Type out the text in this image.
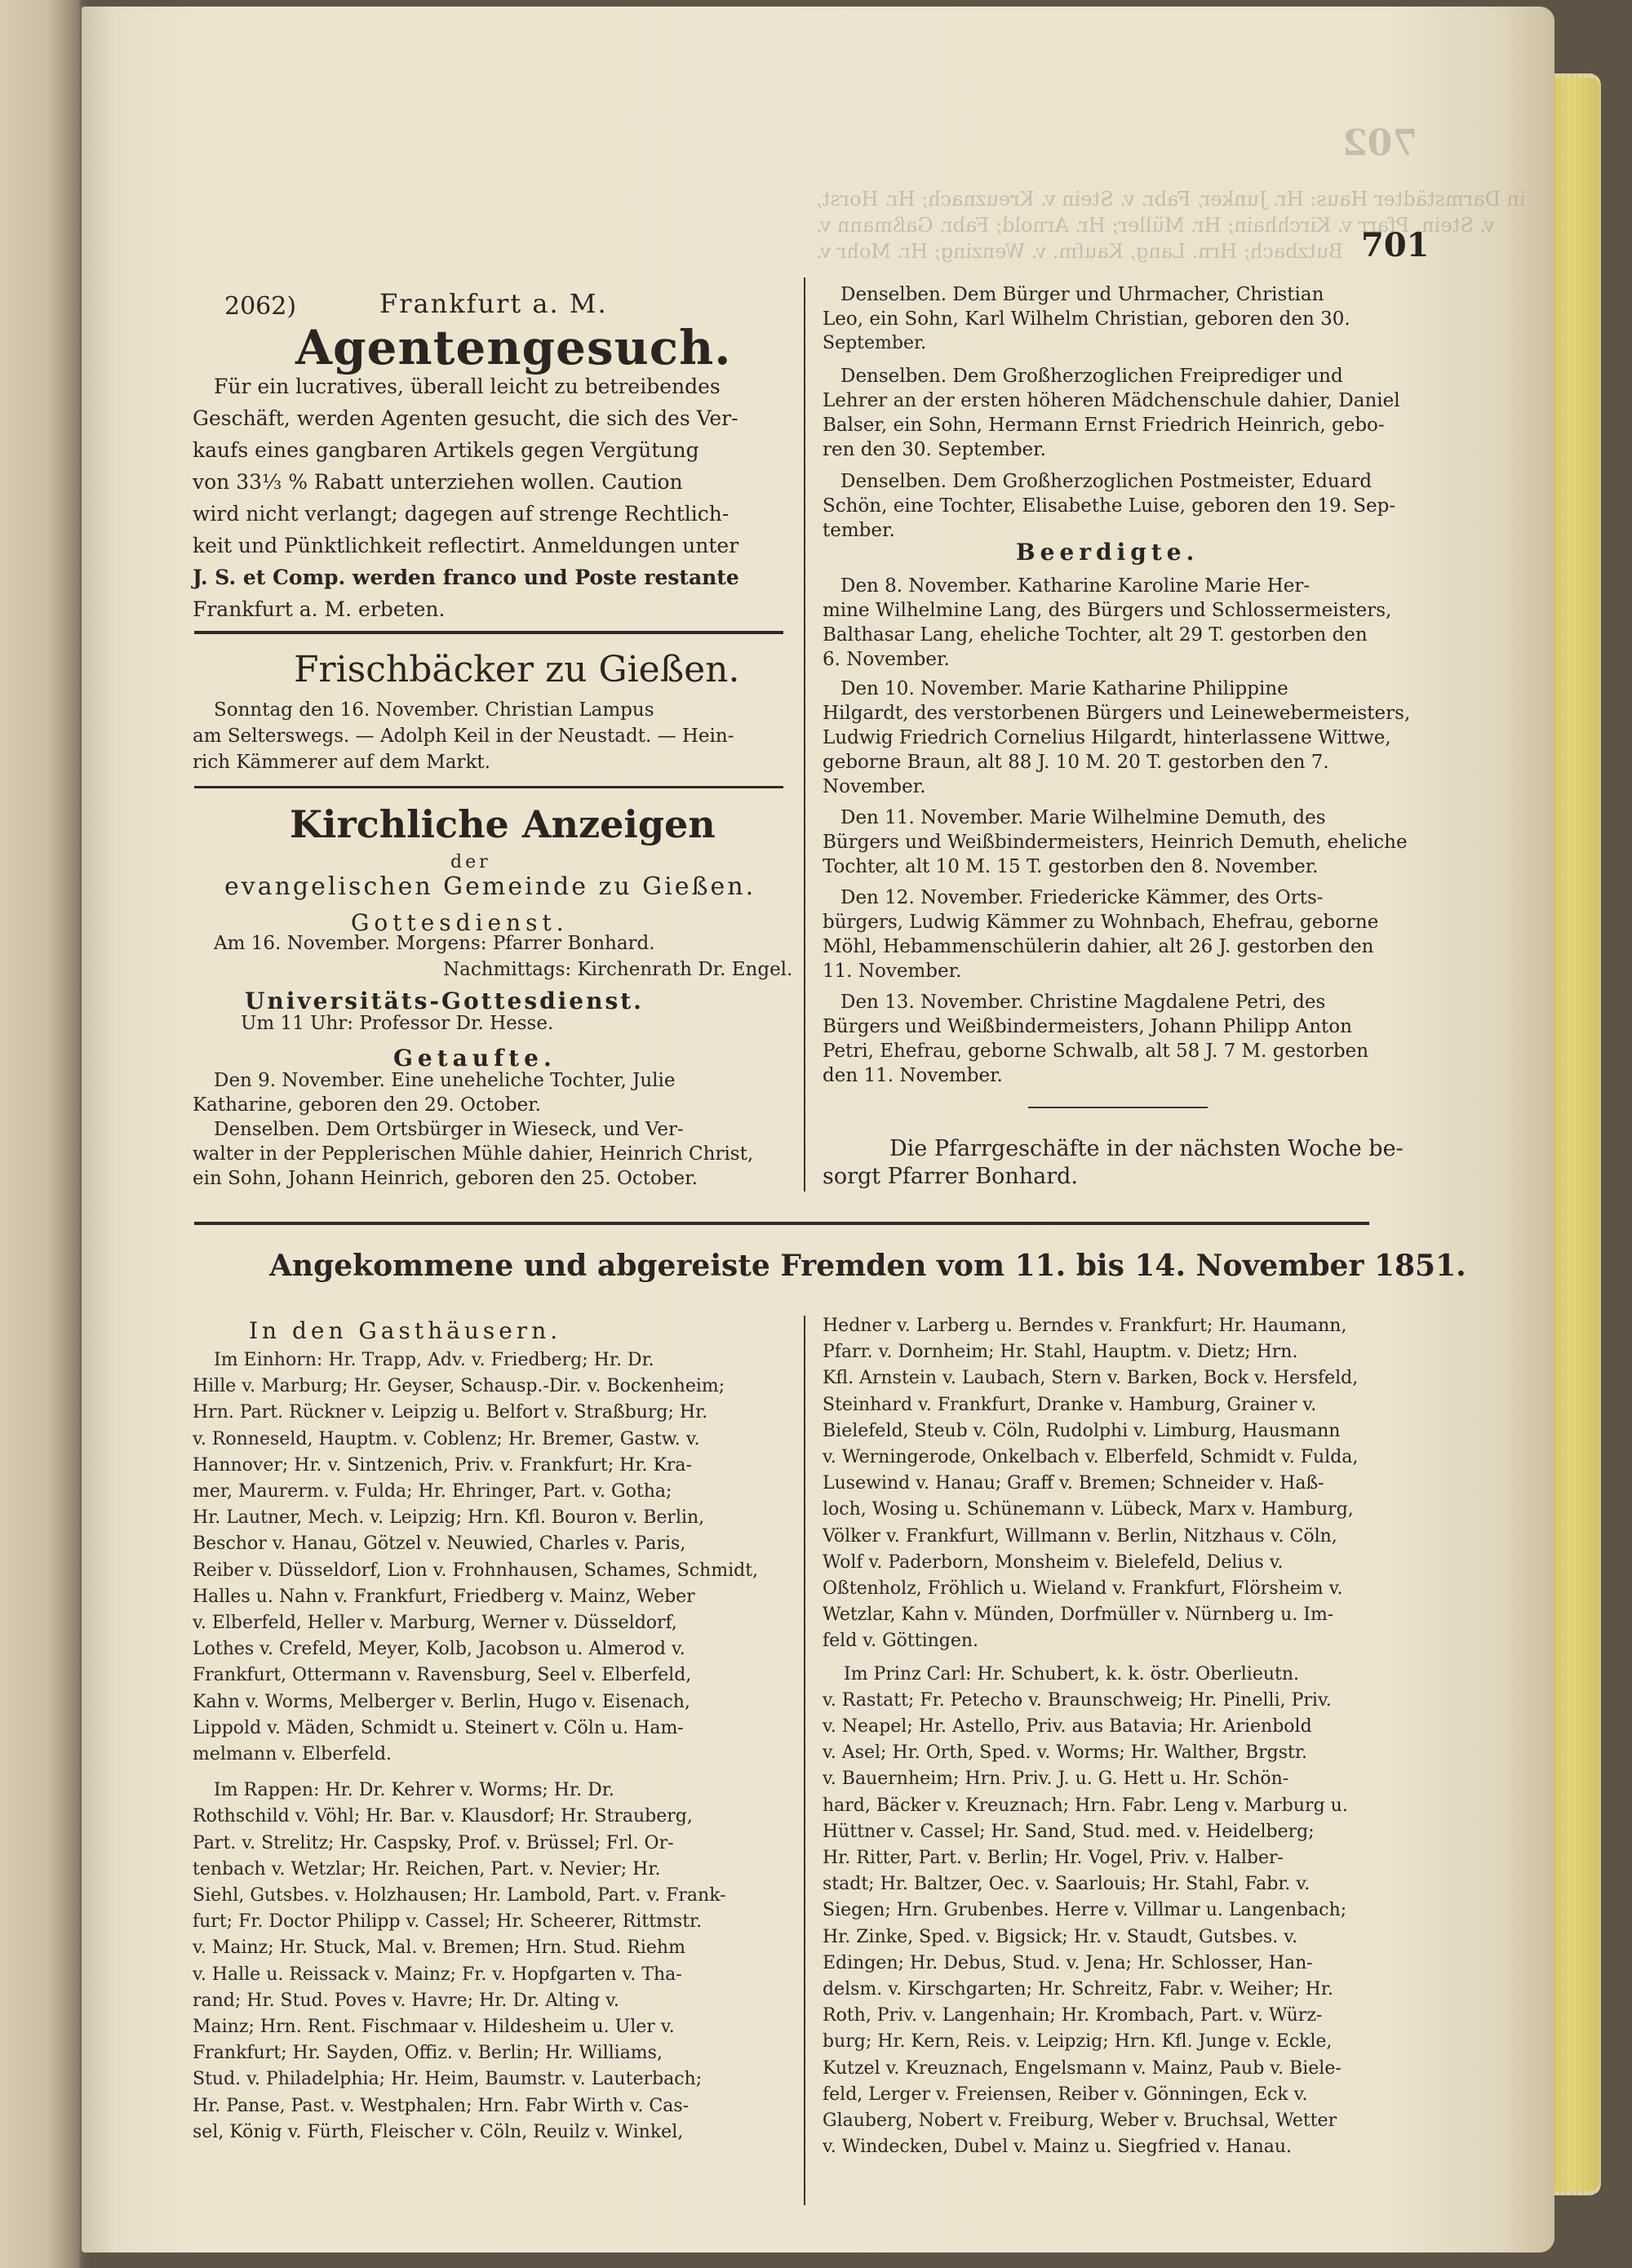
702
in Darmstädter Haus: Hr. Junker, Fabr. v. Stein v. Kreuznach; Hr. Horst,
v. Stein, Pfarr v. Kirchhain; Hr. Müller; Hr. Arnold; Fabr. Gaßmann v.
Butzbach; Hrn. Lang, Kaufm. v. Wenzing; Hr. Mohr v. 701
2062)	Frankfurt a. M.
Agentengesuch.
Für ein lucratives, überall leicht zu betreibendes
Geschäft, werden Agenten gesucht, die sich des Ver-
kaufs eines gangbaren Artikels gegen Vergütung
von 33⅓ % Rabatt unterziehen wollen. Caution
wird nicht verlangt; dagegen auf strenge Rechtlich-
keit und Pünktlichkeit reflectirt. Anmeldungen unter
J. S. et Comp. werden franco und Poste restante
Frankfurt a. M. erbeten.
Frischbäcker zu Gießen.
Sonntag den 16. November. Christian Lampus
am Selterswegs. — Adolph Keil in der Neustadt. — Hein-
rich Kämmerer auf dem Markt.
Kirchliche Anzeigen
der
evangelischen Gemeinde zu Gießen.
Gottesdienst.
Am 16. November. Morgens: Pfarrer Bonhard.
Nachmittags: Kirchenrath Dr. Engel.
Universitäts-Gottesdienst.
Um 11 Uhr: Professor Dr. Hesse.
Getaufte.
Den 9. November. Eine uneheliche Tochter, Julie
Katharine, geboren den 29. October.
Denselben. Dem Ortsbürger in Wieseck, und Ver-
walter in der Pepplerischen Mühle dahier, Heinrich Christ,
ein Sohn, Johann Heinrich, geboren den 25. October.
Denselben. Dem Bürger und Uhrmacher, Christian
Leo, ein Sohn, Karl Wilhelm Christian, geboren den 30.
September.
Denselben. Dem Großherzoglichen Freiprediger und
Lehrer an der ersten höheren Mädchenschule dahier, Daniel
Balser, ein Sohn, Hermann Ernst Friedrich Heinrich, gebo-
ren den 30. September.
Denselben. Dem Großherzoglichen Postmeister, Eduard
Schön, eine Tochter, Elisabethe Luise, geboren den 19. Sep-
tember.
Beerdigte.
Den 8. November. Katharine Karoline Marie Her-
mine Wilhelmine Lang, des Bürgers und Schlossermeisters,
Balthasar Lang, eheliche Tochter, alt 29 T. gestorben den
6. November.
Den 10. November. Marie Katharine Philippine
Hilgardt, des verstorbenen Bürgers und Leinewebermeisters,
Ludwig Friedrich Cornelius Hilgardt, hinterlassene Wittwe,
geborne Braun, alt 88 J. 10 M. 20 T. gestorben den 7.
November.
Den 11. November. Marie Wilhelmine Demuth, des
Bürgers und Weißbindermeisters, Heinrich Demuth, eheliche
Tochter, alt 10 M. 15 T. gestorben den 8. November.
Den 12. November. Friedericke Kämmer, des Orts-
bürgers, Ludwig Kämmer zu Wohnbach, Ehefrau, geborne
Möhl, Hebammenschülerin dahier, alt 26 J. gestorben den
11. November.
Den 13. November. Christine Magdalene Petri, des
Bürgers und Weißbindermeisters, Johann Philipp Anton
Petri, Ehefrau, geborne Schwalb, alt 58 J. 7 M. gestorben
den 11. November.
Die Pfarrgeschäfte in der nächsten Woche be-
sorgt Pfarrer Bonhard.
Angekommene und abgereiste Fremden vom 11. bis 14. November 1851.
In den Gasthäusern.
Im Einhorn: Hr. Trapp, Adv. v. Friedberg; Hr. Dr.
Hille v. Marburg; Hr. Geyser, Schausp.-Dir. v. Bockenheim;
Hrn. Part. Rückner v. Leipzig u. Belfort v. Straßburg; Hr.
v. Ronneseld, Hauptm. v. Coblenz; Hr. Bremer, Gastw. v.
Hannover; Hr. v. Sintzenich, Priv. v. Frankfurt; Hr. Kra-
mer, Maurerm. v. Fulda; Hr. Ehringer, Part. v. Gotha;
Hr. Lautner, Mech. v. Leipzig; Hrn. Kfl. Bouron v. Berlin,
Beschor v. Hanau, Götzel v. Neuwied, Charles v. Paris,
Reiber v. Düsseldorf, Lion v. Frohnhausen, Schames, Schmidt,
Halles u. Nahn v. Frankfurt, Friedberg v. Mainz, Weber
v. Elberfeld, Heller v. Marburg, Werner v. Düsseldorf,
Lothes v. Crefeld, Meyer, Kolb, Jacobson u. Almerod v.
Frankfurt, Ottermann v. Ravensburg, Seel v. Elberfeld,
Kahn v. Worms, Melberger v. Berlin, Hugo v. Eisenach,
Lippold v. Mäden, Schmidt u. Steinert v. Cöln u. Ham-
melmann v. Elberfeld.
Im Rappen: Hr. Dr. Kehrer v. Worms; Hr. Dr.
Rothschild v. Vöhl; Hr. Bar. v. Klausdorf; Hr. Strauberg,
Part. v. Strelitz; Hr. Caspsky, Prof. v. Brüssel; Frl. Or-
tenbach v. Wetzlar; Hr. Reichen, Part. v. Nevier; Hr.
Siehl, Gutsbes. v. Holzhausen; Hr. Lambold, Part. v. Frank-
furt; Fr. Doctor Philipp v. Cassel; Hr. Scheerer, Rittmstr.
v. Mainz; Hr. Stuck, Mal. v. Bremen; Hrn. Stud. Riehm
v. Halle u. Reissack v. Mainz; Fr. v. Hopfgarten v. Tha-
rand; Hr. Stud. Poves v. Havre; Hr. Dr. Alting v.
Mainz; Hrn. Rent. Fischmaar v. Hildesheim u. Uler v.
Frankfurt; Hr. Sayden, Offiz. v. Berlin; Hr. Williams,
Stud. v. Philadelphia; Hr. Heim, Baumstr. v. Lauterbach;
Hr. Panse, Past. v. Westphalen; Hrn. Fabr Wirth v. Cas-
sel, König v. Fürth, Fleischer v. Cöln, Reuilz v. Winkel,
Hedner v. Larberg u. Berndes v. Frankfurt; Hr. Haumann,
Pfarr. v. Dornheim; Hr. Stahl, Hauptm. v. Dietz; Hrn.
Kfl. Arnstein v. Laubach, Stern v. Barken, Bock v. Hersfeld,
Steinhard v. Frankfurt, Dranke v. Hamburg, Grainer v.
Bielefeld, Steub v. Cöln, Rudolphi v. Limburg, Hausmann
v. Werningerode, Onkelbach v. Elberfeld, Schmidt v. Fulda,
Lusewind v. Hanau; Graff v. Bremen; Schneider v. Haß-
loch, Wosing u. Schünemann v. Lübeck, Marx v. Hamburg,
Völker v. Frankfurt, Willmann v. Berlin, Nitzhaus v. Cöln,
Wolf v. Paderborn, Monsheim v. Bielefeld, Delius v.
Oßtenholz, Fröhlich u. Wieland v. Frankfurt, Flörsheim v.
Wetzlar, Kahn v. Münden, Dorfmüller v. Nürnberg u. Im-
feld v. Göttingen.
Im Prinz Carl: Hr. Schubert, k. k. östr. Oberlieutn.
v. Rastatt; Fr. Petecho v. Braunschweig; Hr. Pinelli, Priv.
v. Neapel; Hr. Astello, Priv. aus Batavia; Hr. Arienbold
v. Asel; Hr. Orth, Sped. v. Worms; Hr. Walther, Brgstr.
v. Bauernheim; Hrn. Priv. J. u. G. Hett u. Hr. Schön-
hard, Bäcker v. Kreuznach; Hrn. Fabr. Leng v. Marburg u.
Hüttner v. Cassel; Hr. Sand, Stud. med. v. Heidelberg;
Hr. Ritter, Part. v. Berlin; Hr. Vogel, Priv. v. Halber-
stadt; Hr. Baltzer, Oec. v. Saarlouis; Hr. Stahl, Fabr. v.
Siegen; Hrn. Grubenbes. Herre v. Villmar u. Langenbach;
Hr. Zinke, Sped. v. Bigsick; Hr. v. Staudt, Gutsbes. v.
Edingen; Hr. Debus, Stud. v. Jena; Hr. Schlosser, Han-
delsm. v. Kirschgarten; Hr. Schreitz, Fabr. v. Weiher; Hr.
Roth, Priv. v. Langenhain; Hr. Krombach, Part. v. Würz-
burg; Hr. Kern, Reis. v. Leipzig; Hrn. Kfl. Junge v. Eckle,
Kutzel v. Kreuznach, Engelsmann v. Mainz, Paub v. Biele-
feld, Lerger v. Freiensen, Reiber v. Gönningen, Eck v.
Glauberg, Nobert v. Freiburg, Weber v. Bruchsal, Wetter
v. Windecken, Dubel v. Mainz u. Siegfried v. Hanau.
